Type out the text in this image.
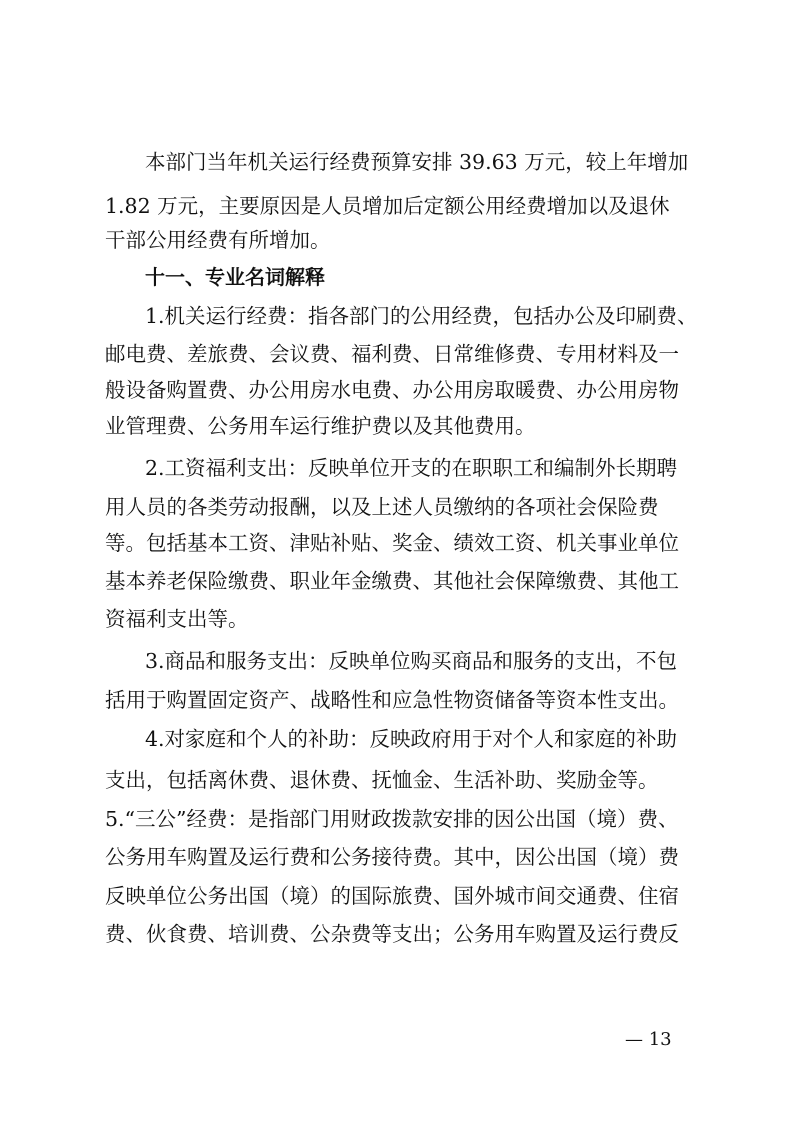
本部门当年机关运行经费预算安排 39.63 万元，较上年增加
1.82 万元，主要原因是人员增加后定额公用经费增加以及退休
干部公用经费有所增加。
十一、专业名词解释
1.机关运行经费：指各部门的公用经费，包括办公及印刷费、
邮电费、差旅费、会议费、福利费、日常维修费、专用材料及一
般设备购置费、办公用房水电费、办公用房取暖费、办公用房物
业管理费、公务用车运行维护费以及其他费用。
2.工资福利支出：反映单位开支的在职职工和编制外长期聘
用人员的各类劳动报酬，以及上述人员缴纳的各项社会保险费
等。包括基本工资、津贴补贴、奖金、绩效工资、机关事业单位
基本养老保险缴费、职业年金缴费、其他社会保障缴费、其他工
资福利支出等。
3.商品和服务支出：反映单位购买商品和服务的支出，不包
括用于购置固定资产、战略性和应急性物资储备等资本性支出。
4.对家庭和个人的补助：反映政府用于对个人和家庭的补助
支出，包括离休费、退休费、抚恤金、生活补助、奖励金等。
5.“三公”经费：是指部门用财政拨款安排的因公出国（境）费、
公务用车购置及运行费和公务接待费。其中，因公出国（境）费
反映单位公务出国（境）的国际旅费、国外城市间交通费、住宿
费、伙食费、培训费、公杂费等支出；公务用车购置及运行费反
— 13
